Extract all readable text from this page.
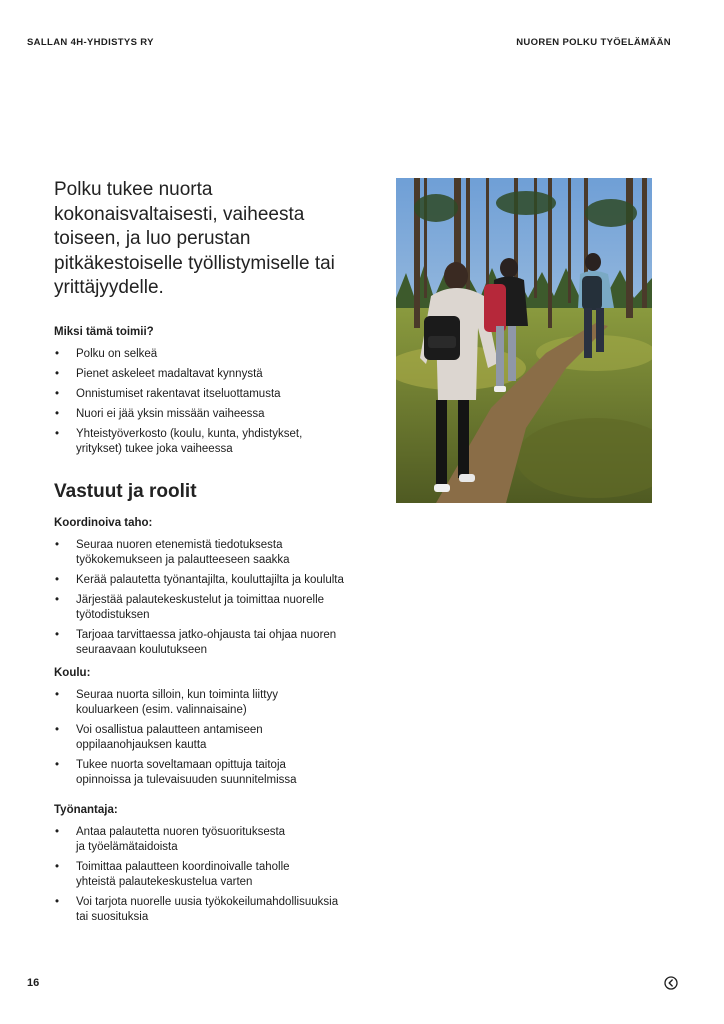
SALLAN 4H-YHDISTYS RY	NUOREN POLKU TYÖELÄMÄÄN
Polku tukee nuorta kokonaisvaltaisesti, vaiheesta toiseen, ja luo perustan pitkäkestoiselle työllistymiselle tai yrittäjyydelle.
Miksi tämä toimii?
• Polku on selkeä
• Pienet askeleet madaltavat kynnystä
• Onnistumiset rakentavat itseluottamusta
• Nuori ei jää yksin missään vaiheessa
• Yhteistyöverkosto (koulu, kunta, yhdistykset,
yritykset) tukee joka vaiheessa
Vastuut ja roolit
Koordinoiva taho:
• Seuraa nuoren etenemistä tiedotuksesta
työkokemukseen ja palautteeseen saakka
• Kerää palautetta työnantajilta, kouluttajilta ja koululta
• Järjestää palautekeskustelut ja toimittaa nuorelle
työtodistuksen
• Tarjoaa tarvittaessa jatko-ohjausta tai ohjaa nuoren
seuraavaan koulutukseen
Koulu:
• Seuraa nuorta silloin, kun toiminta liittyy
kouluarkeen (esim. valinnaisaine)
• Voi osallistua palautteen antamiseen
oppilaanohjauksen kautta
• Tukee nuorta soveltamaan opittuja taitoja
opinnoissa ja tulevaisuuden suunnitelmissa
Työnantaja:
• Antaa palautetta nuoren työsuorituksesta
ja työelämätaidoista
• Toimittaa palautteen koordinoivalle taholle
yhteistä palautekeskustelua varten
• Voi tarjota nuorelle uusia työkokeilumahdollisuuksia
tai suosituksia
16
